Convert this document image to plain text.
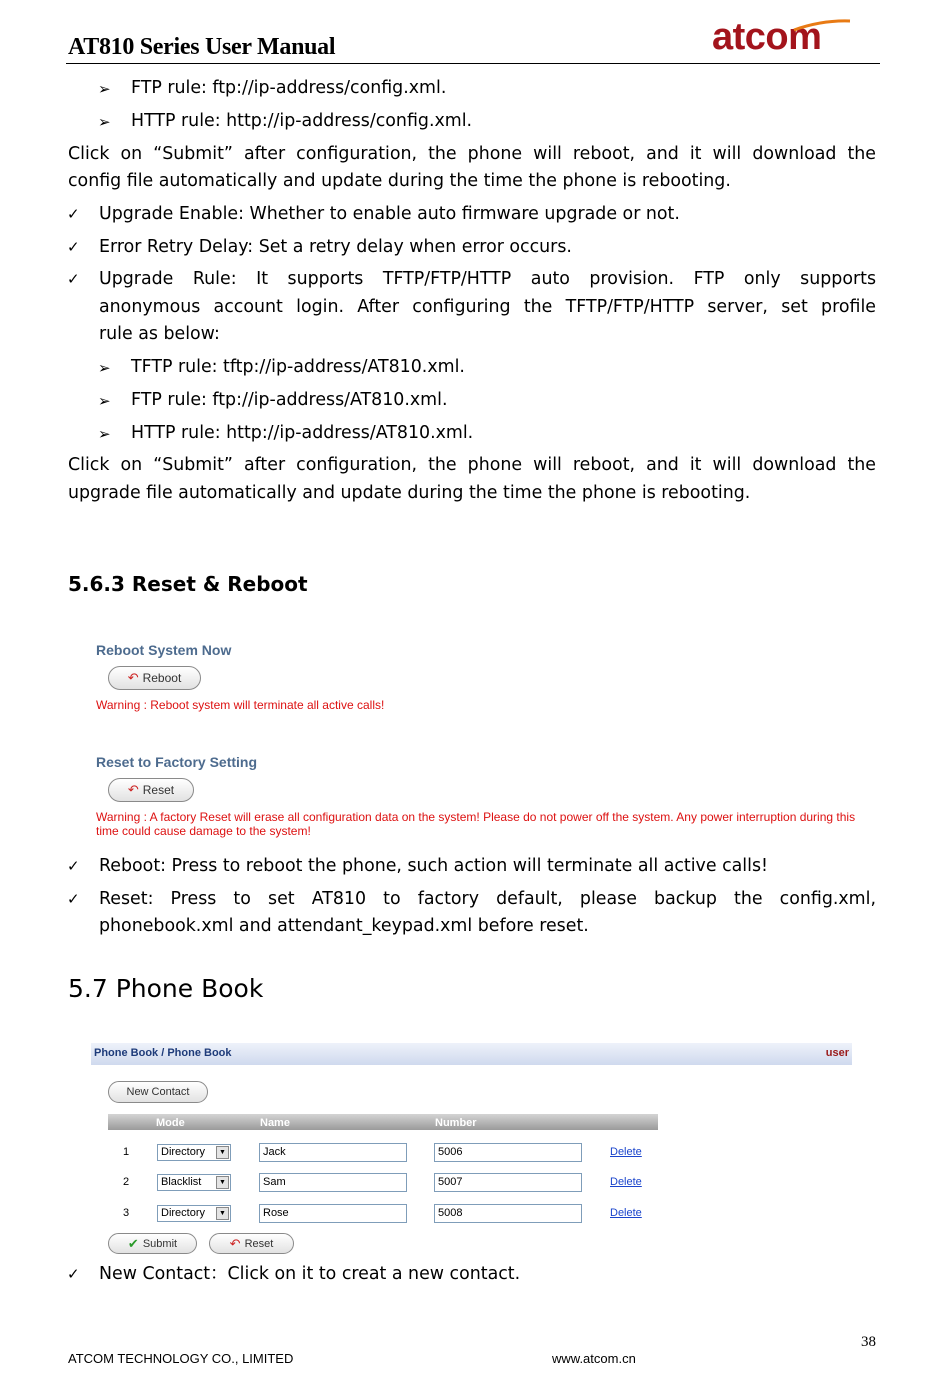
AT810 Series User Manual	atcom
➢ FTP rule: ftp://ip-address/config.xml.
➢ HTTP rule: http://ip-address/config.xml.
Click on “Submit” after configuration, the phone will reboot, and it will download the
config file automatically and update during the time the phone is rebooting.
✓ Upgrade Enable: Whether to enable auto firmware upgrade or not.
✓ Error Retry Delay: Set a retry delay when error occurs.
✓ Upgrade Rule: It supports TFTP/FTP/HTTP auto provision. FTP only supports
anonymous account login. After configuring the TFTP/FTP/HTTP server, set profile
rule as below:
➢ TFTP rule: tftp://ip-address/AT810.xml.
➢ FTP rule: ftp://ip-address/AT810.xml.
➢ HTTP rule: http://ip-address/AT810.xml.
Click on “Submit” after configuration, the phone will reboot, and it will download the
upgrade file automatically and update during the time the phone is rebooting.
5.6.3 Reset & Reboot
Reboot System Now
↶ Reboot
Warning : Reboot system will terminate all active calls!
Reset to Factory Setting
↶ Reset
Warning : A factory Reset will erase all configuration data on the system! Please do not power off the system. Any power interruption during this
time could cause damage to the system!
✓ Reboot: Press to reboot the phone, such action will terminate all active calls!
✓ Reset: Press to set AT810 to factory default, please backup the config.xml,
phonebook.xml and attendant_keypad.xml before reset.
5.7 Phone Book
Phone Book / Phone Book	user
New Contact
Mode	Name	Number
1	Directory	▼	Jack	5006	Delete
2	Blacklist	▼	Sam	5007	Delete
3	Directory	▼	Rose	5008	Delete
✔ Submit	↶ Reset
✓ New Contact：Click on it to creat a new contact.
38
ATCOM TECHNOLOGY CO., LIMITED	www.atcom.cn
